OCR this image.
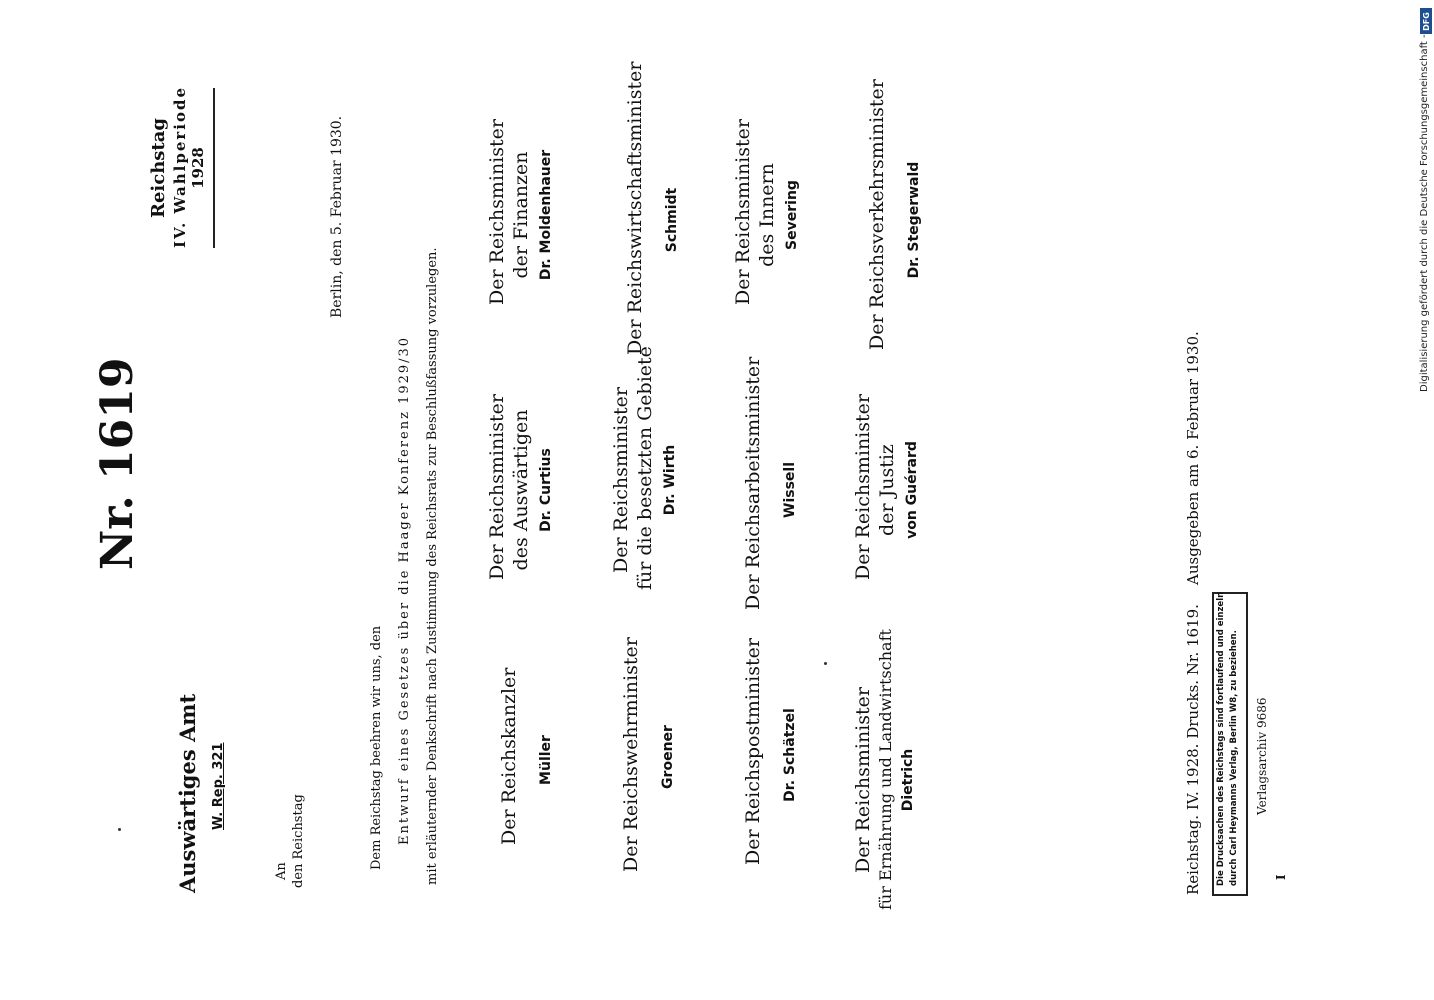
Nr. 1619
Reichstag IV. Wahlperiode 1928
Auswärtiges Amt W. Rep. 321
An den Reichstag
Berlin, den 5. Februar 1930.
Dem Reichstag beehren wir uns, den Entwurf eines Gesetzes über die Haager Konferenz 1929/30 mit erläuternder Denkschrift nach Zustimmung des Reichsrats zur Beschlußfassung vorzulegen.	Der Reichskanzler Müller
Der Reichsminister des Auswärtigen Dr. Curtius
Der Reichsminister der Finanzen Dr. Moldenhauer
Der Reichswehrminister Groener
Der Reichsminister für die besetzten Gebiete Dr. Wirth
Der Reichswirtschaftsminister Schmidt
Der Reichspostminister Dr. Schätzel
Der Reichsarbeitsminister Wissell
Der Reichsminister des Innern Severing
Der Reichsminister für Ernährung und Landwirtschaft Dietrich
Der Reichsminister der Justiz von Guérard
Der Reichsverkehrsminister Dr. Stegerwald
Reichstag. IV. 1928. Drucks. Nr. 1619.
Ausgegeben am 6. Februar 1930.
Die Drucksachen des Reichstags sind fortlaufend und einzeln durch Carl Heymanns Verlag, Berlin W8, zu beziehen. Verlagsarchiv 9686
I
Digitalisierung gefördert durch die Deutsche Forschungsgemeinschaft -
DFG
